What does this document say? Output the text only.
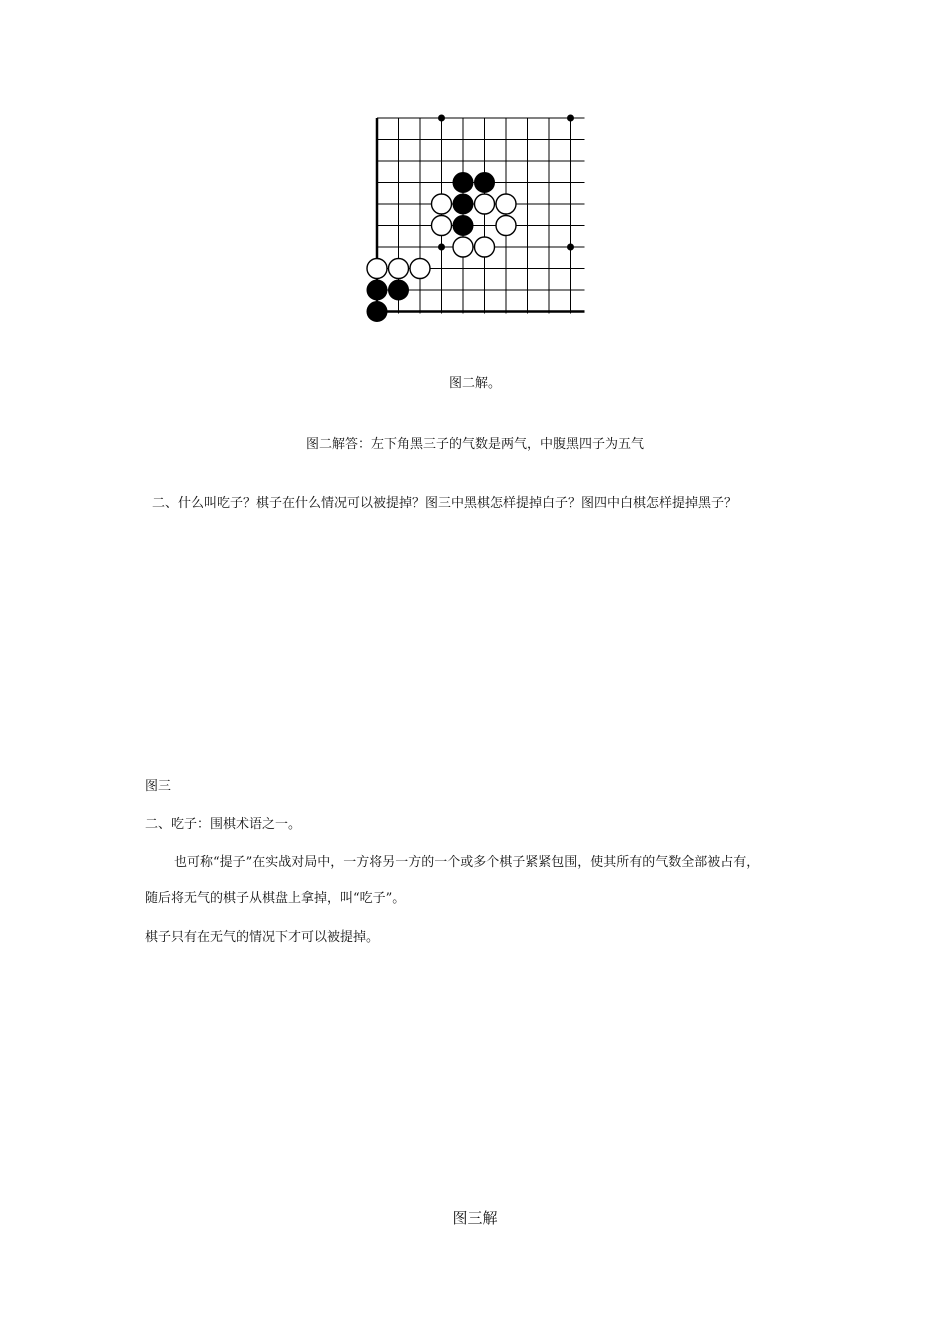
图二解。
图二解答：左下角黑三子的气数是两气，中腹黑四子为五气
二、什么叫吃子？棋子在什么情况可以被提掉？图三中黑棋怎样提掉白子？图四中白棋怎样提掉黑子？
图三
二、吃子：围棋术语之一。
也可称“提子”在实战对局中，一方将另一方的一个或多个棋子紧紧包围，使其所有的气数全部被占有，
随后将无气的棋子从棋盘上拿掉，叫“吃子”。
棋子只有在无气的情况下才可以被提掉。
图三解
